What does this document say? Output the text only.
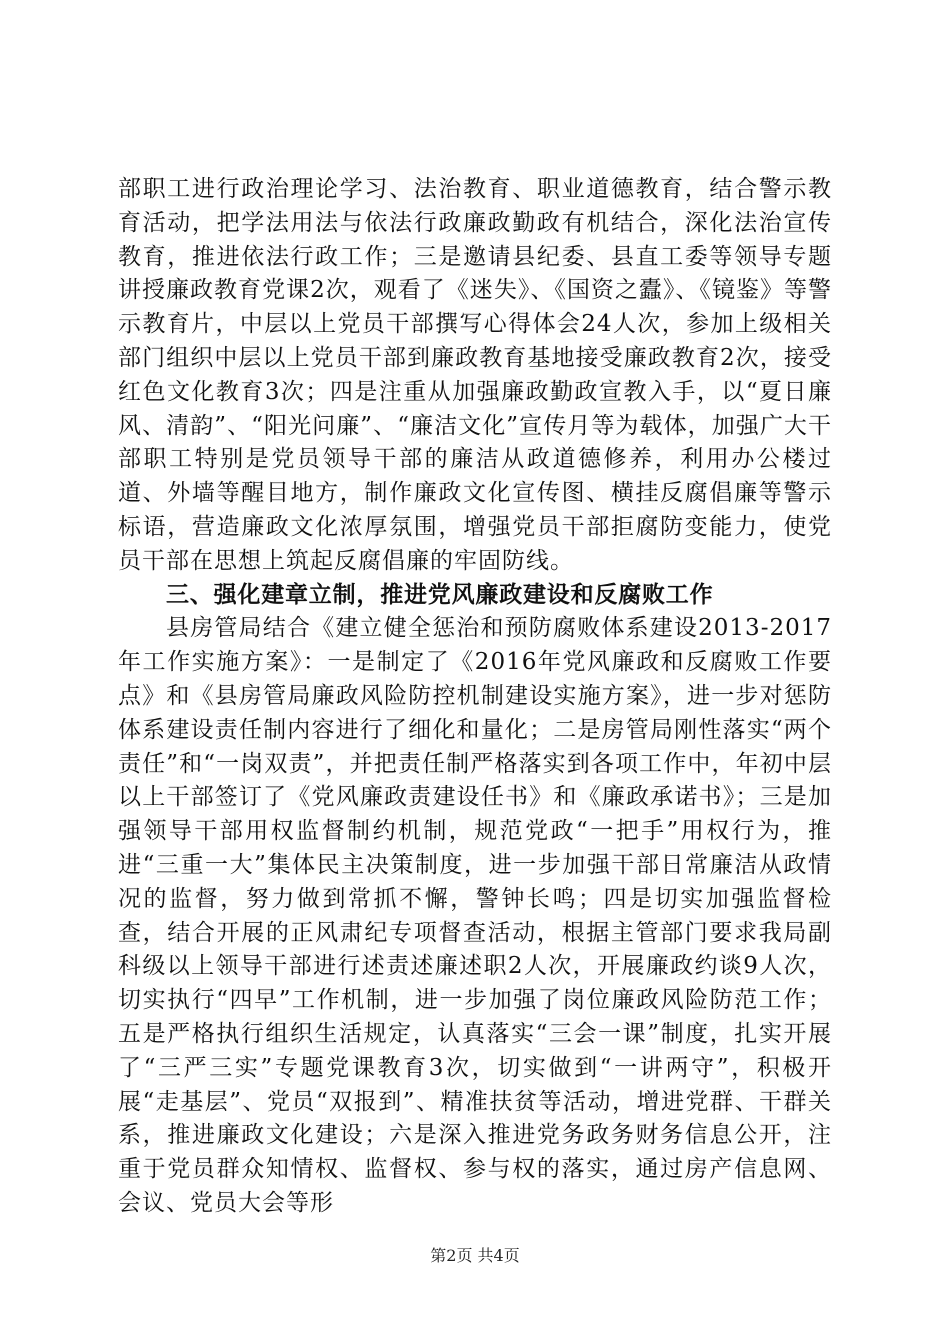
部职工进行政治理论学习、法治教育、职业道德教育，结合警示教育活动，把学法用法与依法行政廉政勤政有机结合，深化法治宣传教育，推进依法行政工作；三是邀请县纪委、县直工委等领导专题讲授廉政教育党课2次，观看了《迷失》、《国资之蠹》、《镜鉴》等警示教育片，中层以上党员干部撰写心得体会24人次，参加上级相关部门组织中层以上党员干部到廉政教育基地接受廉政教育2次，接受红色文化教育3次；四是注重从加强廉政勤政宣教入手，以“夏日廉风、清韵”、“阳光问廉”、“廉洁文化”宣传月等为载体，加强广大干部职工特别是党员领导干部的廉洁从政道德修养，利用办公楼过道、外墙等醒目地方，制作廉政文化宣传图、横挂反腐倡廉等警示标语，营造廉政文化浓厚氛围，增强党员干部拒腐防变能力，使党员干部在思想上筑起反腐倡廉的牢固防线。

三、强化建章立制，推进党风廉政建设和反腐败工作

县房管局结合《建立健全惩治和预防腐败体系建设2013-2017年工作实施方案》：一是制定了《2016年党风廉政和反腐败工作要点》和《县房管局廉政风险防控机制建设实施方案》，进一步对惩防体系建设责任制内容进行了细化和量化；二是房管局刚性落实“两个责任”和“一岗双责”，并把责任制严格落实到各项工作中，年初中层以上干部签订了《党风廉政责建设任书》和《廉政承诺书》；三是加强领导干部用权监督制约机制，规范党政“一把手”用权行为，推进“三重一大”集体民主决策制度，进一步加强干部日常廉洁从政情况的监督，努力做到常抓不懈，警钟长鸣；四是切实加强监督检查，结合开展的正风肃纪专项督查活动，根据主管部门要求我局副科级以上领导干部进行述责述廉述职2人次，开展廉政约谈9人次，切实执行“四早”工作机制，进一步加强了岗位廉政风险防范工作；五是严格执行组织生活规定，认真落实“三会一课”制度，扎实开展了“三严三实”专题党课教育3次，切实做到“一讲两守”，积极开展“走基层”、党员“双报到”、精准扶贫等活动，增进党群、干群关系，推进廉政文化建设；六是深入推进党务政务财务信息公开，注重于党员群众知情权、监督权、参与权的落实，通过房产信息网、会议、党员大会等形

第2页 共4页
